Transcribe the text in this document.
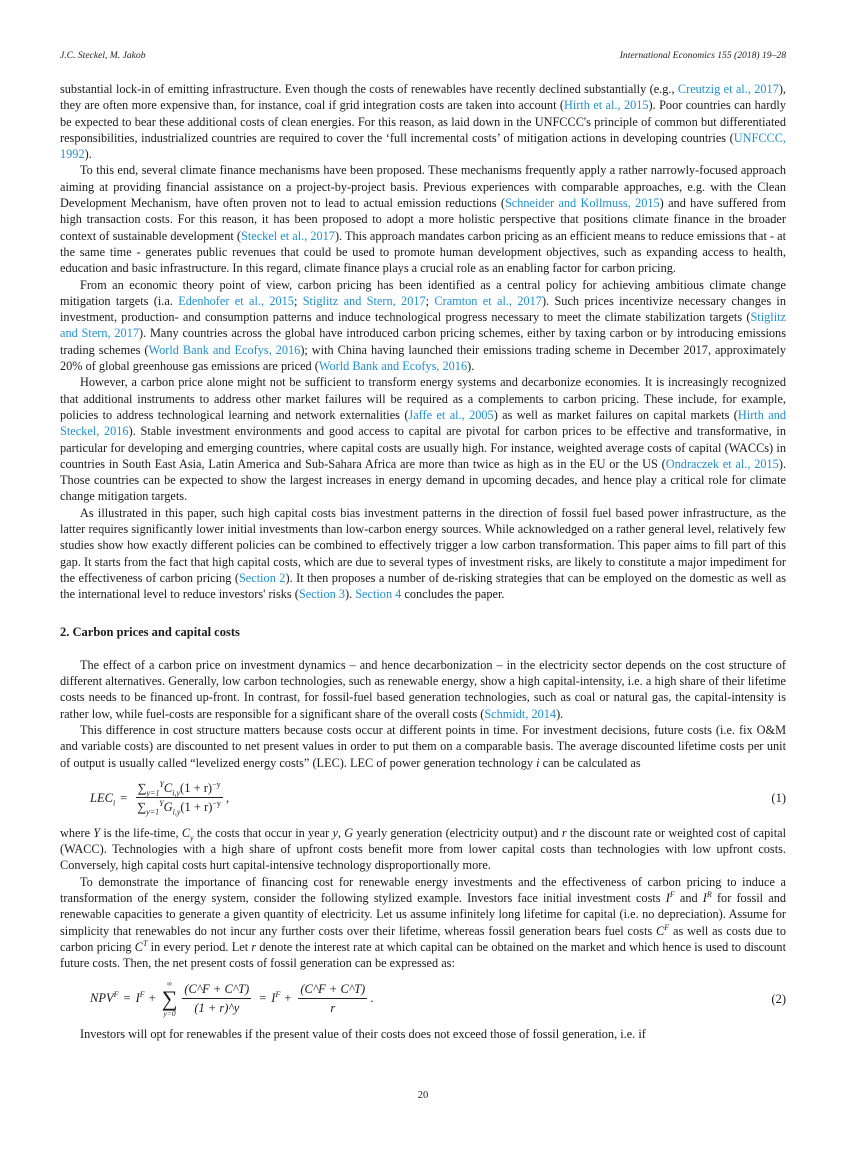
J.C. Steckel, M. Jakob	International Economics 155 (2018) 19–28

substantial lock-in of emitting infrastructure. Even though the costs of renewables have recently declined substantially (e.g., Creutzig et al., 2017), they are often more expensive than, for instance, coal if grid integration costs are taken into account (Hirth et al., 2015). Poor countries can hardly be expected to bear these additional costs of clean energies. For this reason, as laid down in the UNFCCC's principle of common but differentiated responsibilities, industrialized countries are required to cover the ‘full incremental costs’ of mitigation actions in developing countries (UNFCCC, 1992).

To this end, several climate finance mechanisms have been proposed. These mechanisms frequently apply a rather narrowly-focused approach aiming at providing financial assistance on a project-by-project basis. Previous experiences with comparable approaches, e.g. with the Clean Development Mechanism, have often proven not to lead to actual emission reductions (Schneider and Kollmuss, 2015) and have suffered from high transaction costs. For this reason, it has been proposed to adopt a more holistic perspective that positions climate finance in the broader context of sustainable development (Steckel et al., 2017). This approach mandates carbon pricing as an efficient means to reduce emissions that - at the same time - generates public revenues that could be used to promote human development objectives, such as expanding access to health, education and basic infrastructure. In this regard, climate finance plays a crucial role as an enabling factor for carbon pricing.

From an economic theory point of view, carbon pricing has been identified as a central policy for achieving ambitious climate change mitigation targets (i.a. Edenhofer et al., 2015; Stiglitz and Stern, 2017; Cramton et al., 2017). Such prices incentivize necessary changes in investment, production- and consumption patterns and induce technological progress necessary to meet the climate stabilization targets (Stiglitz and Stern, 2017). Many countries across the global have introduced carbon pricing schemes, either by taxing carbon or by introducing emissions trading schemes (World Bank and Ecofys, 2016); with China having launched their emissions trading scheme in December 2017, approximately 20% of global greenhouse gas emissions are priced (World Bank and Ecofys, 2016).

However, a carbon price alone might not be sufficient to transform energy systems and decarbonize economies. It is increasingly recognized that additional instruments to address other market failures will be required as a complements to carbon pricing. These include, for example, policies to address technological learning and network externalities (Jaffe et al., 2005) as well as market failures on capital markets (Hirth and Steckel, 2016). Stable investment environments and good access to capital are pivotal for carbon prices to be effective and transformative, in particular for developing and emerging countries, where capital costs are usually high. For instance, weighted average costs of capital (WACCs) in countries in South East Asia, Latin America and Sub-Sahara Africa are more than twice as high as in the EU or the US (Ondraczek et al., 2015). Those countries can be expected to show the largest increases in energy demand in upcoming decades, and hence play a critical role for climate change mitigation targets.

As illustrated in this paper, such high capital costs bias investment patterns in the direction of fossil fuel based power infrastructure, as the latter requires significantly lower initial investments than low-carbon energy sources. While acknowledged on a rather general level, relatively few studies show how exactly different policies can be combined to effectively trigger a low carbon transformation. This paper aims to fill part of this gap. It starts from the fact that high capital costs, which are due to several types of investment risks, are likely to constitute a major impediment for the effectiveness of carbon pricing (Section 2). It then proposes a number of de-risking strategies that can be employed on the domestic as well as the international level to reduce investors' risks (Section 3). Section 4 concludes the paper.

2. Carbon prices and capital costs

The effect of a carbon price on investment dynamics – and hence decarbonization – in the electricity sector depends on the cost structure of different alternatives. Generally, low carbon technologies, such as renewable energy, show a high capital-intensity, i.e. a high share of their lifetime costs needs to be financed up-front. In contrast, for fossil-fuel based generation technologies, such as coal or natural gas, the capital-intensity is rather low, while fuel-costs are responsible for a significant share of the overall costs (Schmidt, 2014).

This difference in cost structure matters because costs occur at different points in time. For investment decisions, future costs (i.e. fix O&M and variable costs) are discounted to net present values in order to put them on a comparable basis. The average discounted lifetime costs per unit of output is usually called “levelized energy costs” (LEC). LEC of power generation technology i can be calculated as

$LEC_i = \frac{\sum_{y=1}^YC_{i,y}(1 + r)^{-y}}{\sum_{y=1}^YG_{i,y}(1 + r)^{-y}}$ ,	(1)

where Y is the life-time, $C_y$ the costs that occur in year y, G yearly generation (electricity output) and r the discount rate or weighted cost of capital (WACC). Technologies with a high share of upfront costs benefit more from lower capital costs than technologies with low upfront costs. Conversely, high capital costs hurt capital-intensive technology disproportionally more.

To demonstrate the importance of financing cost for renewable energy investments and the effectiveness of carbon pricing to induce a transformation of the energy system, consider the following stylized example. Investors face initial investment costs $I^F$ and $I^R$ for fossil and renewable capacities to generate a given quantity of electricity. Let us assume infinitely long lifetime for capital (i.e. no depreciation). Assume for simplicity that renewables do not incur any further costs over their lifetime, whereas fossil generation bears fuel costs $C^F$ as well as costs due to carbon pricing $C^T$ in every period. Let r denote the interest rate at which capital can be obtained on the market and which hence is used to discount future costs. Then, the net present costs of fossil generation can be expressed as:

$NPV^F = I^F$ +
∞
∑
$y=0 \frac{(C\^{}F + C\^{}T)}{(1 + r)\^{}y} = I^F + \frac{(C\^{}F + C\^{}T)}{r}$ .	(2)

Investors will opt for renewables if the present value of their costs does not exceed those of fossil generation, i.e. if

20
